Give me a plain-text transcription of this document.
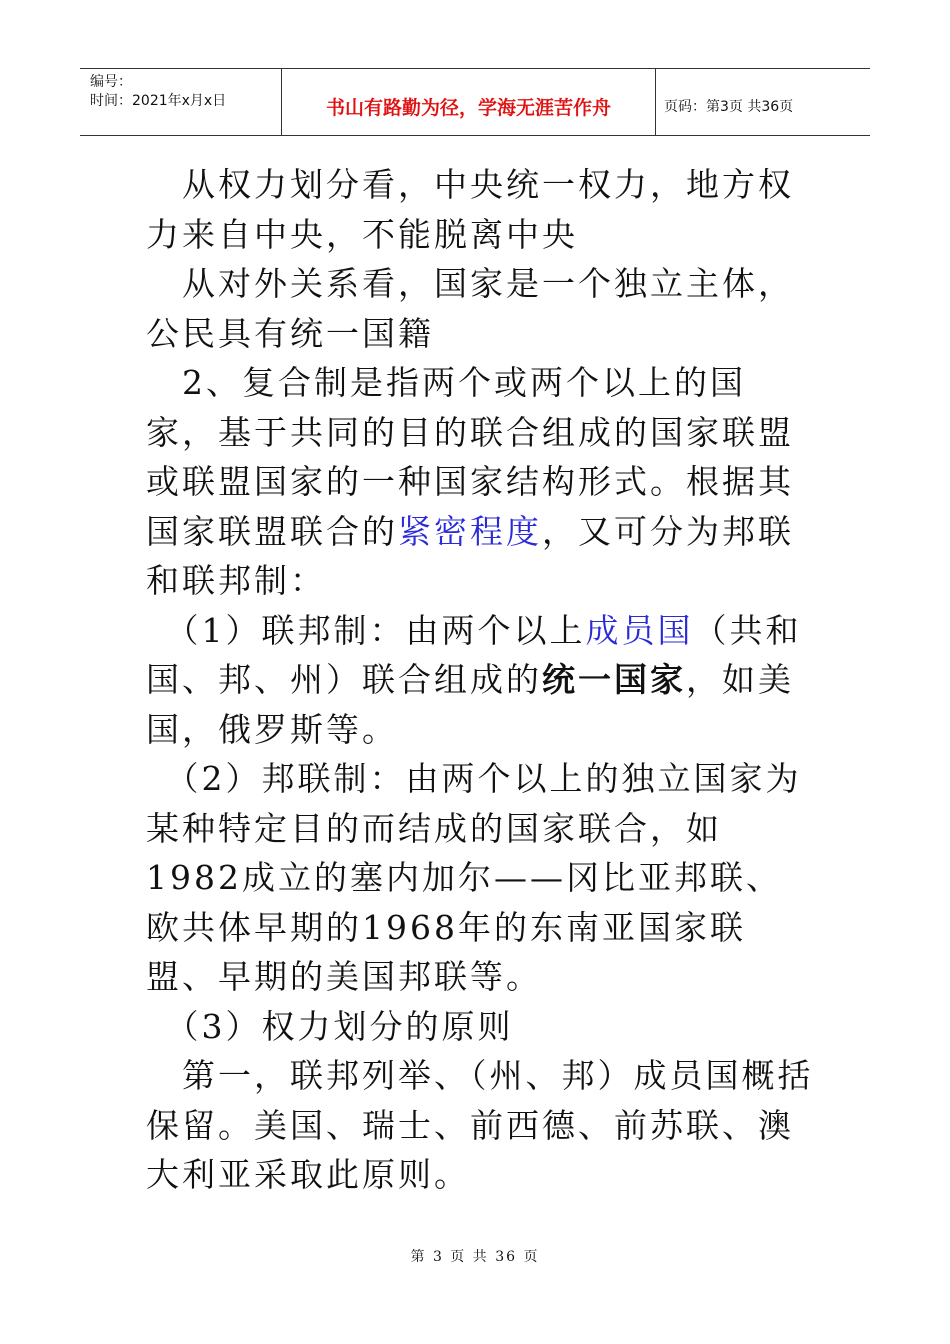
编号：
时间：2021年x月x日	书山有路勤为径，学海无涯苦作舟	页码：第3页 共36页

　从权力划分看，中央统一权力，地方权力来自中央，不能脱离中央

　从对外关系看，国家是一个独立主体，公民具有统一国籍

　2、复合制是指两个或两个以上的国家，基于共同的目的联合组成的国家联盟或联盟国家的一种国家结构形式。根据其国家联盟联合的紧密程度，又可分为邦联和联邦制：

　（1）联邦制：由两个以上成员国（共和国、邦、州）联合组成的统一国家，如美国，俄罗斯等。

　（2）邦联制：由两个以上的独立国家为某种特定目的而结成的国家联合，如1982成立的塞内加尔——冈比亚邦联、欧共体早期的1968年的东南亚国家联盟、早期的美国邦联等。

　（3）权力划分的原则

　第一，联邦列举、（州、邦）成员国概括保留。美国、瑞士、前西德、前苏联、澳大利亚采取此原则。

第 3 页 共 36 页
